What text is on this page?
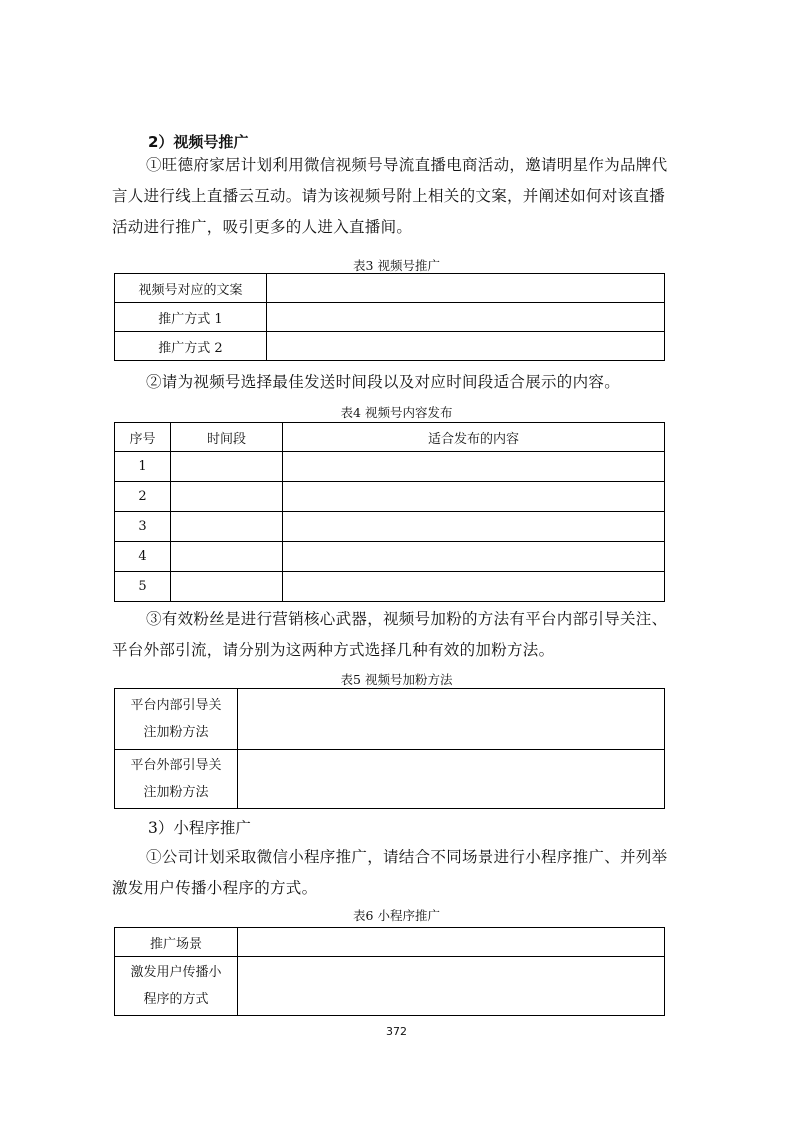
2）视频号推广
①旺德府家居计划利用微信视频号导流直播电商活动，邀请明星作为品牌代
言人进行线上直播云互动。请为该视频号附上相关的文案，并阐述如何对该直播
活动进行推广，吸引更多的人进入直播间。
表3 视频号推广
视频号对应的文案	
推广方式 1	
推广方式 2	
②请为视频号选择最佳发送时间段以及对应时间段适合展示的内容。
表4 视频号内容发布
序号	时间段	适合发布的内容
1		
2		
3		
4		
5		
③有效粉丝是进行营销核心武器，视频号加粉的方法有平台内部引导关注、
平台外部引流，请分别为这两种方式选择几种有效的加粉方法。
表5 视频号加粉方法
平台内部引导关
注加粉方法	

平台外部引导关
注加粉方法	

3）小程序推广
①公司计划采取微信小程序推广，请结合不同场景进行小程序推广、并列举
激发用户传播小程序的方式。
表6 小程序推广
推广场景	

激发用户传播小
程序的方式	

372
